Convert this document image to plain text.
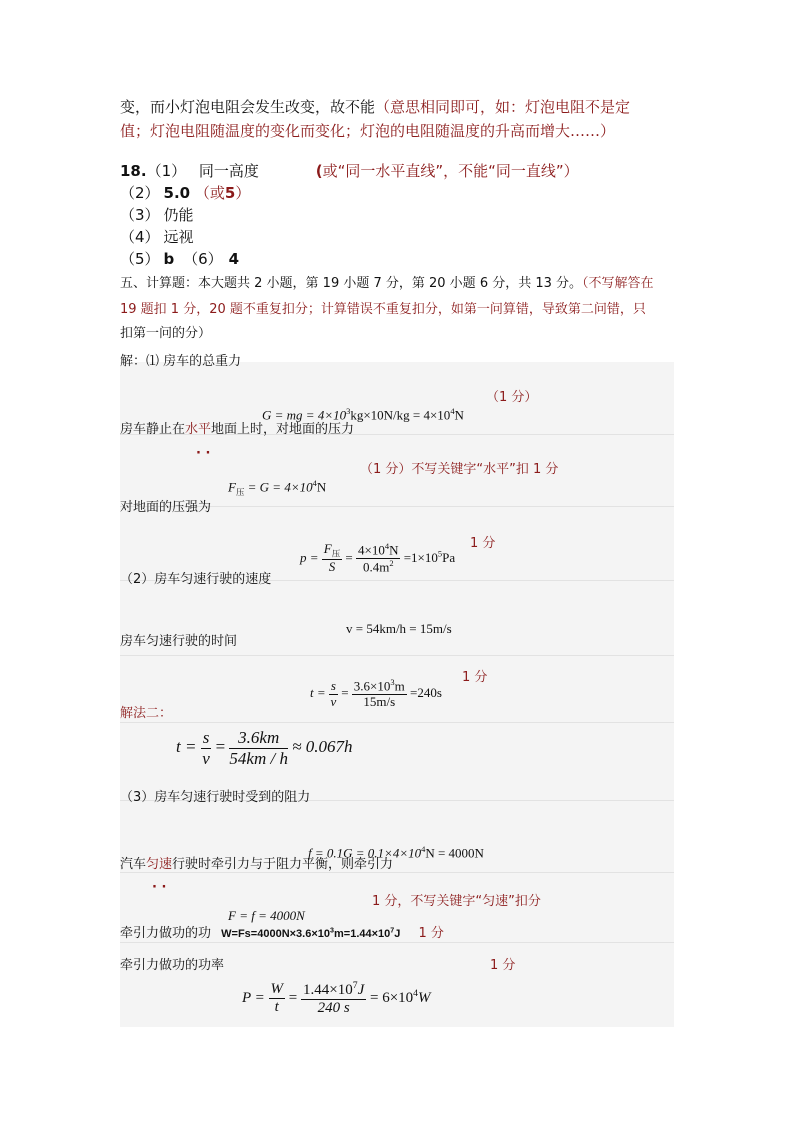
变，而小灯泡电阻会发生改变，故不能（意思相同即可，如：灯泡电阻不是定
值；灯泡电阻随温度的变化而变化；灯泡的电阻随温度的升高而增大……）
18.（1） 同一高度	(或“同一水平直线”，不能“同一直线”）
（2） 5.0 （或5）
（3） 仍能
（4） 远视
（5） b （6） 4
五、计算题：本大题共 2 小题，第 19 小题 7 分，第 20 小题 6 分，共 13 分。（不写解答在
19 题扣 1 分，20 题不重复扣分；计算错误不重复扣分，如第一问算错，导致第二问错，只
扣第一问的分）
解：⑴ 房车的总重力
（1 分）
G = mg = $4\times 10^3kg\times 10N/kg = 4\times 10^4N$
房车静止在水平地面上时，对地面的压力
· ·
（1 分）不写关键字“水平”扣 1 分
$F_压 = G = 4\times 10^4N$
对地面的压强为
1 分
$p = \frac{F_压}{S} = \frac{4\times 10^4N}{0.4m^2} =1\times 10^5Pa$
（2）房车匀速行驶的速度
v = 54km/h = 15m/s
房车匀速行驶的时间
1 分
$t = \frac{s}{v} = \frac{3.6\times 10^3m}{15m/s} =240s$
解法二：
$t = \frac{s}{v} = \frac{3.6km}{54km / h} \approx 0.067h$
（3）房车匀速行驶时受到的阻力
$f = 0.1G = 0.1\times 4\times 10^4N = 4000N$
汽车匀速行驶时牵引力与于阻力平衡，则牵引力
· ·
1 分，不写关键字“匀速”扣分
F = f = 4000N
牵引力做功的功 $W=Fs=4000N\times 3.6\times 10^3m=1.44\times 10^7J$ 1 分
牵引力做功的功率	1 分
$P = \frac{W}{t} = \frac{1.44\times 10^7J}{240 s} = 6\times 10^4W$
